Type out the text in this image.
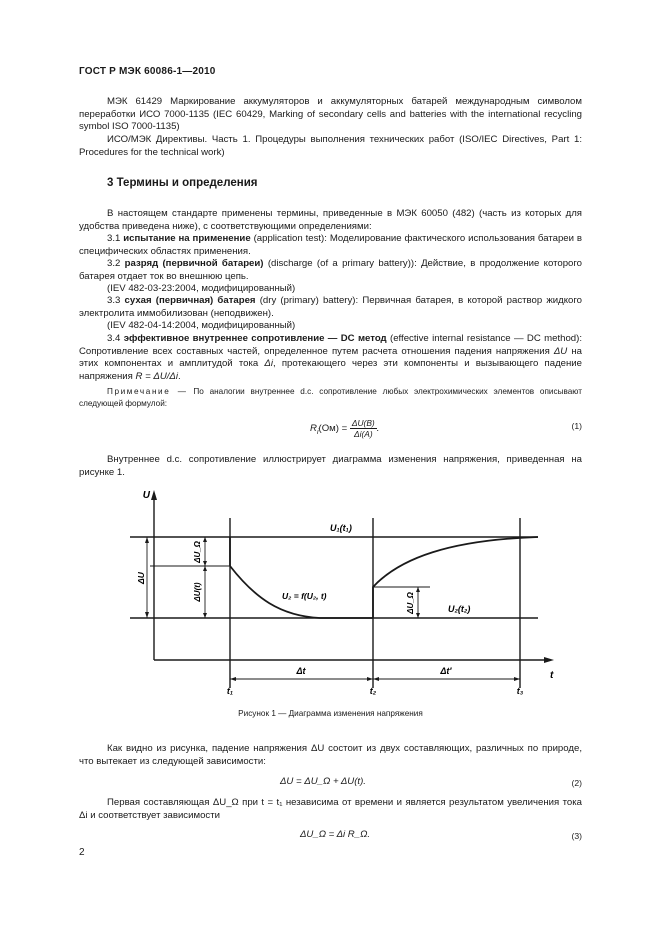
ГОСТ Р МЭК 60086-1—2010
МЭК 61429 Маркирование аккумуляторов и аккумуляторных батарей международным символом переработки ИСО 7000-1135 (IEC 60429, Marking of secondary cells and batteries with the international recycling symbol ISO 7000-1135)
ИСО/МЭК Директивы. Часть 1. Процедуры выполнения технических работ (ISO/IEC Directives, Part 1: Procedures for the technical work)
3 Термины и определения
В настоящем стандарте применены термины, приведенные в МЭК 60050 (482) (часть из которых для удобства приведена ниже), с соответствующими определениями:
3.1 испытание на применение (application test): Моделирование фактического использования батареи в специфических областях применения.
3.2 разряд (первичной батареи) (discharge (of a primary battery)): Действие, в продолжение которого батарея отдает ток во внешнюю цепь.
(IEV 482-03-23:2004, модифицированный)
3.3 сухая (первичная) батарея (dry (primary) battery): Первичная батарея, в которой раствор жидкого электролита иммобилизован (неподвижен).
(IEV 482-04-14:2004, модифицированный)
3.4 эффективное внутреннее сопротивление — DC метод (effective internal resistance — DC method): Сопротивление всех составных частей, определенное путем расчета отношения падения напряжения ΔU на этих компонентах и амплитудой тока Δi, протекающего через эти компоненты и вызывающего падение напряжения R = ΔU/Δi.
Примечание — По аналогии внутреннее d.c. сопротивление любых электрохимических элементов описывают следующей формулой:
$R_i(Ом) = \frac{\Delta U(B)}{\Delta i(A)}$ .	(1)
Внутреннее d.c. сопротивление иллюстрирует диаграмма изменения напряжения, приведенная на рисунке 1.
U
t
U₁(t₁)
U₂ = f(U₂, t)
U₂(t₂)
ΔU
ΔU_Ω
ΔU(t)
ΔU_Ω
Δt	Δt′
t₁	t₂	t₃
Рисунок 1 — Диаграмма изменения напряжения
Как видно из рисунка, падение напряжения ΔU состоит из двух составляющих, различных по природе, что вытекает из следующей зависимости:
ΔU = ΔU_Ω + ΔU(t).	(2)
Первая составляющая ΔU_Ω при t = t₁ независима от времени и является результатом увеличения тока Δi и соответствует зависимости
ΔU_Ω = Δi R_Ω.	(3)
2
